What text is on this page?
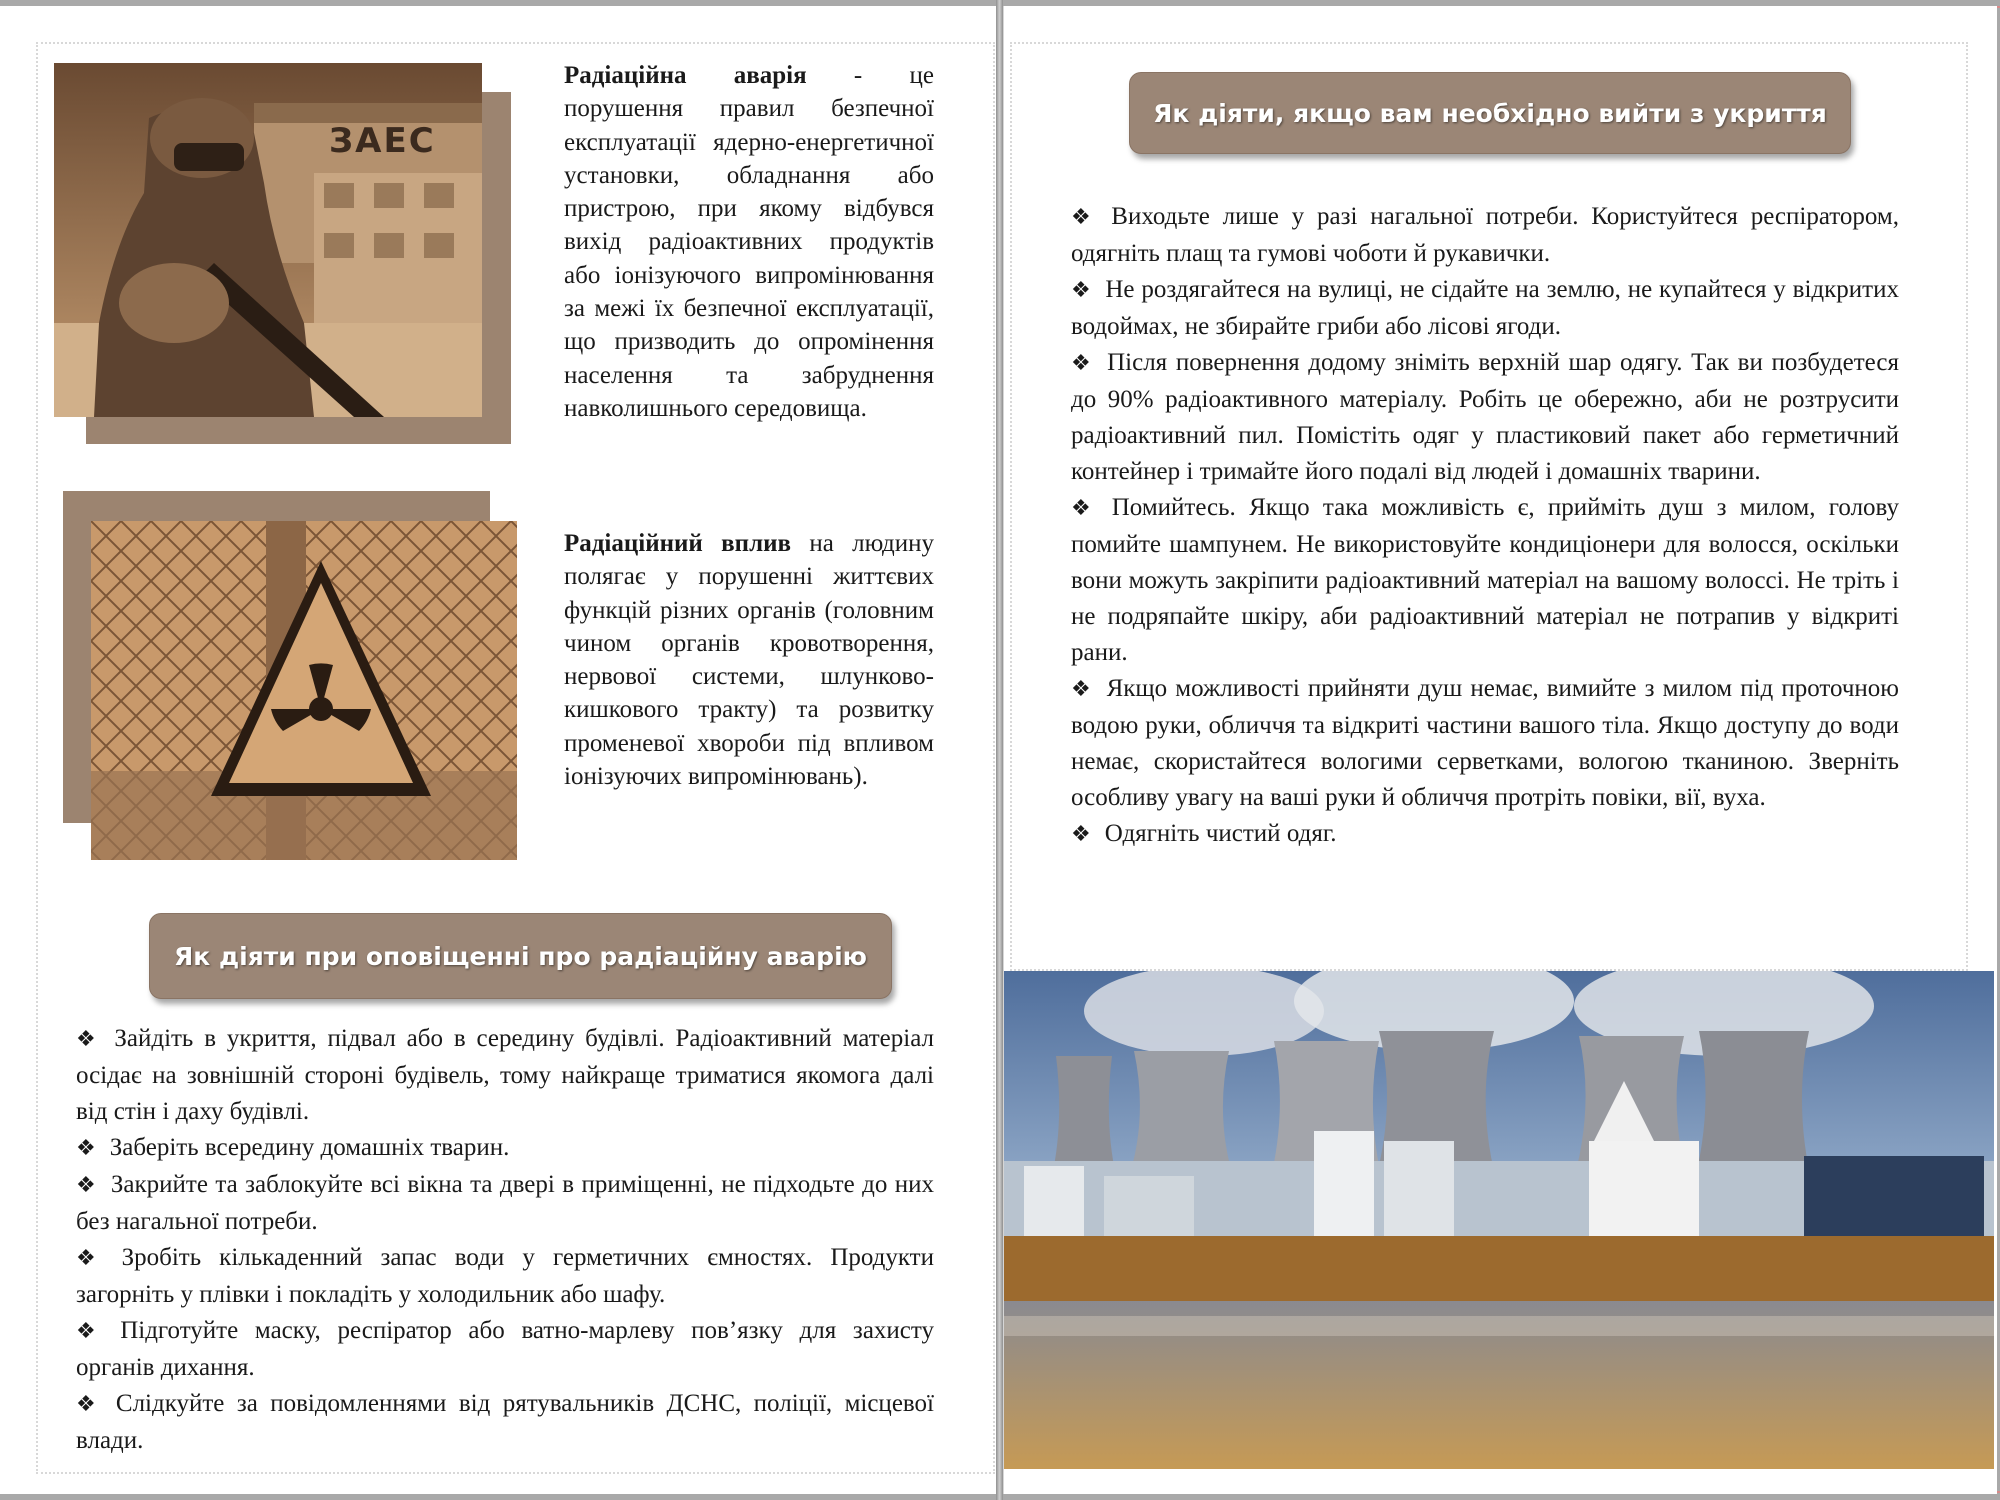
ЗАЕС
Радіаційна аварія - це порушення правил безпечної експлуатації ядерно-енергетичної установки, обладнання або пристрою, при якому відбувся вихід радіоактивних продуктів або іонізуючого випромінювання за межі їх безпечної експлуатації, що призводить до опромінення населення та забруднення навколишнього середовища.
Радіаційний вплив на людину полягає у порушенні життєвих функцій різних органів (головним чином органів кровотворення, нервової системи, шлунково-кишкового тракту) та розвитку променевої хвороби під впливом іонізуючих випромінювань).
Як діяти при оповіщенні про радіаційну аварію
❖ Зайдіть в укриття, підвал або в середину будівлі. Радіоактивний матеріал осідає на зовнішній стороні будівель, тому найкраще триматися якомога далі від стін і даху будівлі.
❖ Заберіть всередину домашніх тварин.
❖ Закрийте та заблокуйте всі вікна та двері в приміщенні, не підходьте до них без нагальної потреби.
❖ Зробіть кількаденний запас води у герметичних ємностях. Продукти загорніть у плівки і покладіть у холодильник або шафу.
❖ Підготуйте маску, респіратор або ватно-марлеву пов’язку для захисту органів дихання.
❖ Слідкуйте за повідомленнями від рятувальників ДСНС, поліції, місцевої влади.
Як діяти, якщо вам необхідно вийти з укриття
❖ Виходьте лише у разі нагальної потреби. Користуйтеся респіратором, одягніть плащ та гумові чоботи й рукавички.
❖ Не роздягайтеся на вулиці, не сідайте на землю, не купайтеся у відкритих водоймах, не збирайте гриби або лісові ягоди.
❖ Після повернення додому зніміть верхній шар одягу. Так ви позбудетеся до 90% радіоактивного матеріалу. Робіть це обережно, аби не розтрусити радіоактивний пил. Помістіть одяг у пластиковий пакет або герметичний контейнер і тримайте його подалі від людей і домашніх тварини.
❖ Помийтесь. Якщо така можливість є, прийміть душ з милом, голову помийте шампунем. Не використовуйте кондиціонери для волосся, оскільки вони можуть закріпити радіоактивний матеріал на вашому волоссі. Не тріть і не подряпайте шкіру, аби радіоактивний матеріал не потрапив у відкриті рани.
❖ Якщо можливості прийняти душ немає, вимийте з милом під проточною водою руки, обличчя та відкриті частини вашого тіла. Якщо доступу до води немає, скористайтеся вологими серветками, вологою тканиною. Зверніть особливу увагу на ваші руки й обличчя протріть повіки, вії, вуха.
❖ Одягніть чистий одяг.
